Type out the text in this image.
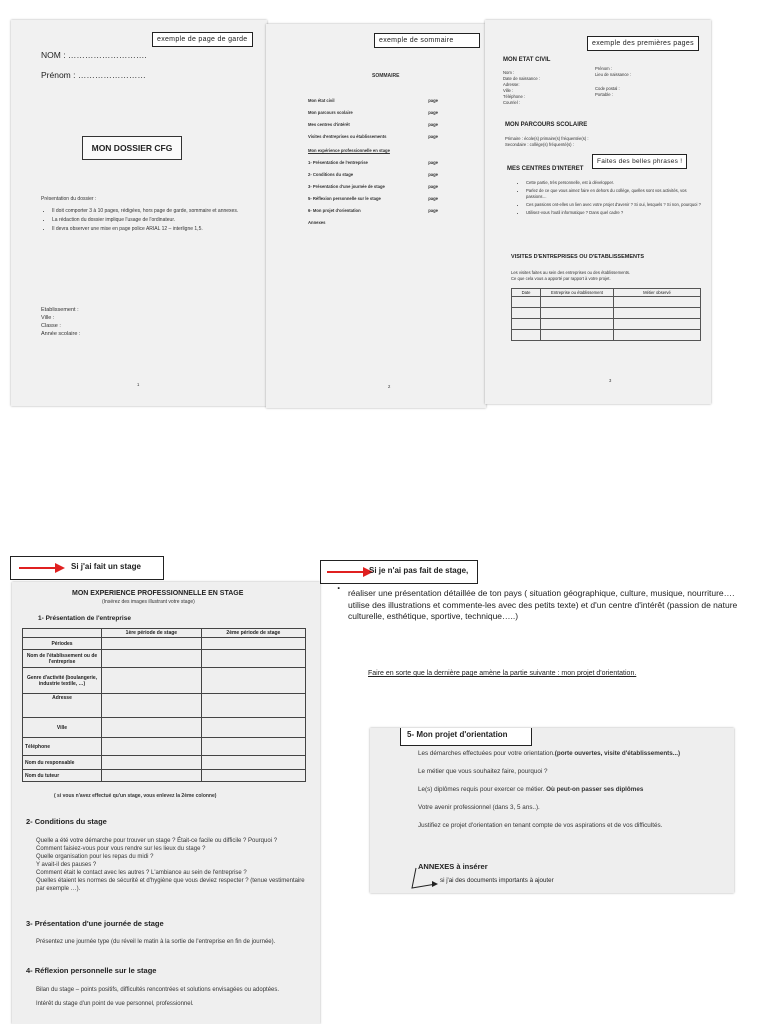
exemple de page de garde
NOM : ……………………….
Prénom : ……………………
MON DOSSIER CFG
Présentation du dossier :
• Il doit comporter 3 à 10 pages, rédigées, hors page de garde, sommaire et annexes.
• La rédaction du dossier implique l'usage de l'ordinateur.
• Il devra observer une mise en page police ARIAL 12 – interligne 1,5.
Etablissement :
Ville :
Classe :
Année scolaire :
1
exemple de sommaire
SOMMAIRE
Mon état civil	page
Mon parcours scolaire	page
Mes centres d'intérêt	page
Visites d'entreprises ou établissements	page
Mon expérience professionnelle en stage
1- Présentation de l'entreprise	page
2- Conditions du stage	page
3- Présentation d'une journée de stage	page
5- Réflexion personnelle sur le stage	page
6- Mon projet d'orientation	page
Annexes
2
exemple des premières pages
MON ETAT CIVIL
Nom :
Date de naissance :
Adresse:
Ville :
Téléphone :
Courriel :
Prénom :
Lieu de naissance :
Code postal :
Portable :
MON PARCOURS SCOLAIRE
Primaire : école(s) primaire(s) fréquentée(s) :
Secondaire : collège(s) fréquenté(s) :
MES CENTRES D'INTERET
Faites des belles phrases !
• Cette partie, très personnelle, est à développer.
• Parlez de ce que vous aimez faire en dehors du collège, quelles sont vos activités, vos passions…
• Ces passions ont-elles un lien avec votre projet d'avenir ? Si oui, lesquels ? Si non, pourquoi ?
• Utilisez-vous l'outil informatique ? Dans quel cadre ?
VISITES D'ENTREPRISES OU D'ETABLISSEMENTS
Les visites faites au sein des entreprises ou des établissements.
Ce que cela vous a apporté par rapport à votre projet.
Date	Entreprise ou établissement	Métier observé

3
Si j'ai fait un stage	Si je n'ai pas fait de stage,
MON EXPERIENCE PROFESSIONNELLE EN STAGE
(Insérez des images illustrant votre stage)
1- Présentation de l'entreprise
	1ère période de stage	2ème période de stage
Périodes		
Nom de l'établissement ou de l'entreprise		
Genre d'activité (boulangerie, industrie textile, …)		
Adresse		
Ville		
Téléphone		
Nom du responsable		
Nom du tuteur		
( si vous n'avez effectué qu'un stage, vous enlevez la 2ème colonne)
2- Conditions du stage

Quelle a été votre démarche pour trouver un stage ? Était-ce facile ou difficile ? Pourquoi ?

Comment faisiez-vous pour vous rendre sur les lieux du stage ?

Quelle organisation pour les repas du midi ?

Y avait-il des pauses ?

Comment était le contact avec les autres ? L'ambiance au sein de l'entreprise ?

Quelles étaient les normes de sécurité et d'hygiène que vous deviez respecter ? (tenue vestimentaire par exemple …).

3- Présentation d'une journée de stage

Présentez une journée type (du réveil le matin à la sortie de l'entreprise en fin de journée).

4- Réflexion personnelle sur le stage

Bilan du stage – points positifs, difficultés rencontrées et solutions envisagées ou adoptées.

Intérêt du stage d'un point de vue personnel, professionnel.

· réaliser une présentation détaillée de ton pays ( situation géographique, culture, musique, nourriture…. utilise des illustrations et commente-les avec des petits texte) et d'un centre d'intérêt (passion de nature culturelle, esthétique, sportive, technique…..)
Faire en sorte que la dernière page amène la partie suivante : mon projet d'orientation.
5- Mon projet d'orientation

Les démarches effectuées pour votre orientation.(porte ouvertes, visite d'établissements...)

Le métier que vous souhaitez faire, pourquoi ?

Le(s) diplômes requis pour exercer ce métier. Où peut-on passer ses diplômes

Votre avenir professionnel (dans 3, 5 ans..).

Justifiez ce projet d'orientation en tenant compte de vos aspirations et de vos difficultés.

ANNEXES à insérer
si j'ai des documents importants à ajouter
